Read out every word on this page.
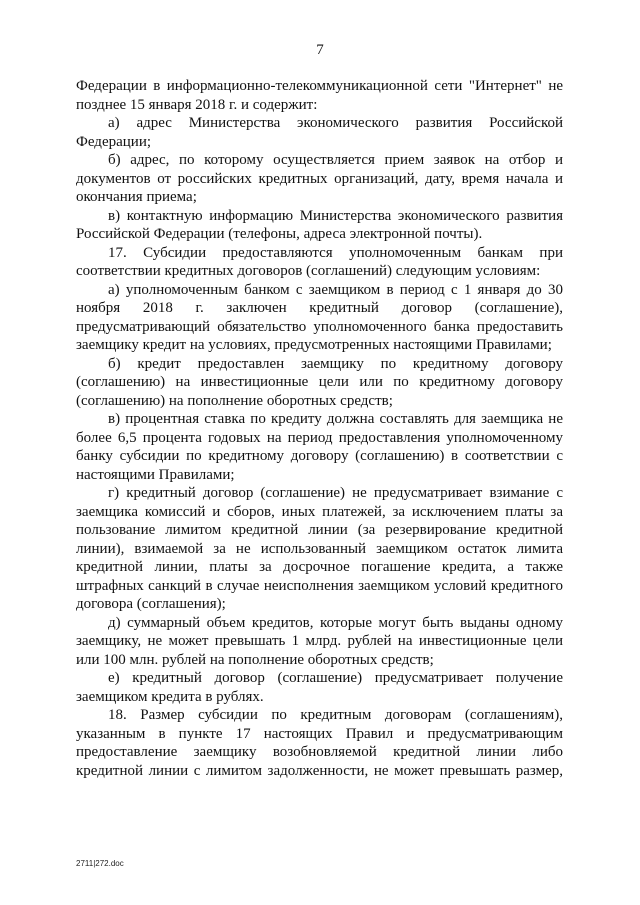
7

Федерации в информационно-телекоммуникационной сети "Интернет" не позднее 15 января 2018 г. и содержит:

а) адрес Министерства экономического развития Российской Федерации;

б) адрес, по которому осуществляется прием заявок на отбор и документов от российских кредитных организаций, дату, время начала и окончания приема;

в) контактную информацию Министерства экономического развития Российской Федерации (телефоны, адреса электронной почты).

17. Субсидии предоставляются уполномоченным банкам при соответствии кредитных договоров (соглашений) следующим условиям:

а) уполномоченным банком с заемщиком в период с 1 января до 30 ноября 2018 г. заключен кредитный договор (соглашение), предусматривающий обязательство уполномоченного банка предоставить заемщику кредит на условиях, предусмотренных настоящими Правилами;

б) кредит предоставлен заемщику по кредитному договору (соглашению) на инвестиционные цели или по кредитному договору (соглашению) на пополнение оборотных средств;

в) процентная ставка по кредиту должна составлять для заемщика не более 6,5 процента годовых на период предоставления уполномоченному банку субсидии по кредитному договору (соглашению) в соответствии с настоящими Правилами;

г) кредитный договор (соглашение) не предусматривает взимание с заемщика комиссий и сборов, иных платежей, за исключением платы за пользование лимитом кредитной линии (за резервирование кредитной линии), взимаемой за не использованный заемщиком остаток лимита кредитной линии, платы за досрочное погашение кредита, а также штрафных санкций в случае неисполнения заемщиком условий кредитного договора (соглашения);

д) суммарный объем кредитов, которые могут быть выданы одному заемщику, не может превышать 1 млрд. рублей на инвестиционные цели или 100 млн. рублей на пополнение оборотных средств;

е) кредитный договор (соглашение) предусматривает получение заемщиком кредита в рублях.

18. Размер субсидии по кредитным договорам (соглашениям), указанным в пункте 17 настоящих Правил и предусматривающим предоставление заемщику возобновляемой кредитной линии либо кредитной линии с лимитом задолженности, не может превышать размер,

2711|272.doc
